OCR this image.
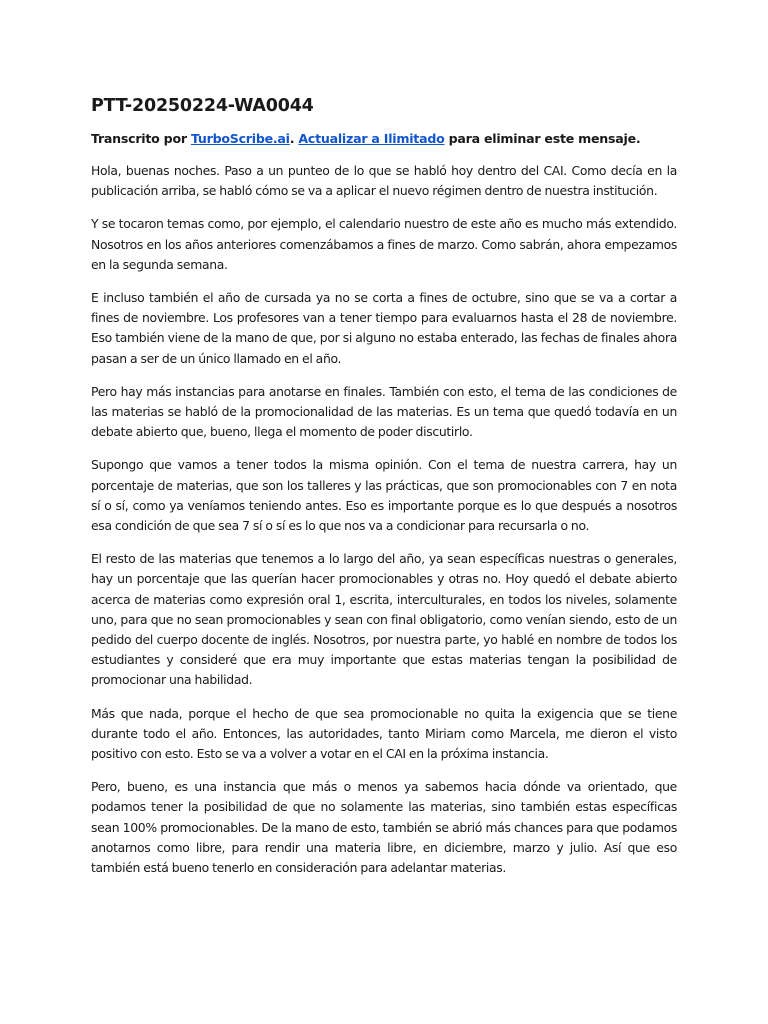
PTT-20250224-WA0044

Transcrito por TurboScribe.ai. Actualizar a Ilimitado para eliminar este mensaje.

Hola, buenas noches. Paso a un punteo de lo que se habló hoy dentro del CAI. Como decía en la publicación arriba, se habló cómo se va a aplicar el nuevo régimen dentro de nuestra institución.

Y se tocaron temas como, por ejemplo, el calendario nuestro de este año es mucho más extendido. Nosotros en los años anteriores comenzábamos a fines de marzo. Como sabrán, ahora empezamos en la segunda semana.

E incluso también el año de cursada ya no se corta a fines de octubre, sino que se va a cortar a fines de noviembre. Los profesores van a tener tiempo para evaluarnos hasta el 28 de noviembre. Eso también viene de la mano de que, por si alguno no estaba enterado, las fechas de finales ahora pasan a ser de un único llamado en el año.

Pero hay más instancias para anotarse en finales. También con esto, el tema de las condiciones de las materias se habló de la promocionalidad de las materias. Es un tema que quedó todavía en un debate abierto que, bueno, llega el momento de poder discutirlo.

Supongo que vamos a tener todos la misma opinión. Con el tema de nuestra carrera, hay un porcentaje de materias, que son los talleres y las prácticas, que son promocionables con 7 en nota sí o sí, como ya veníamos teniendo antes. Eso es importante porque es lo que después a nosotros esa condición de que sea 7 sí o sí es lo que nos va a condicionar para recursarla o no.

El resto de las materias que tenemos a lo largo del año, ya sean específicas nuestras o generales, hay un porcentaje que las querían hacer promocionables y otras no. Hoy quedó el debate abierto acerca de materias como expresión oral 1, escrita, interculturales, en todos los niveles, solamente uno, para que no sean promocionables y sean con final obligatorio, como venían siendo, esto de un pedido del cuerpo docente de inglés. Nosotros, por nuestra parte, yo hablé en nombre de todos los estudiantes y consideré que era muy importante que estas materias tengan la posibilidad de promocionar una habilidad.

Más que nada, porque el hecho de que sea promocionable no quita la exigencia que se tiene durante todo el año. Entonces, las autoridades, tanto Miriam como Marcela, me dieron el visto positivo con esto. Esto se va a volver a votar en el CAI en la próxima instancia.

Pero, bueno, es una instancia que más o menos ya sabemos hacia dónde va orientado, que podamos tener la posibilidad de que no solamente las materias, sino también estas específicas sean 100% promocionables. De la mano de esto, también se abrió más chances para que podamos anotarnos como libre, para rendir una materia libre, en diciembre, marzo y julio. Así que eso también está bueno tenerlo en consideración para adelantar materias.
